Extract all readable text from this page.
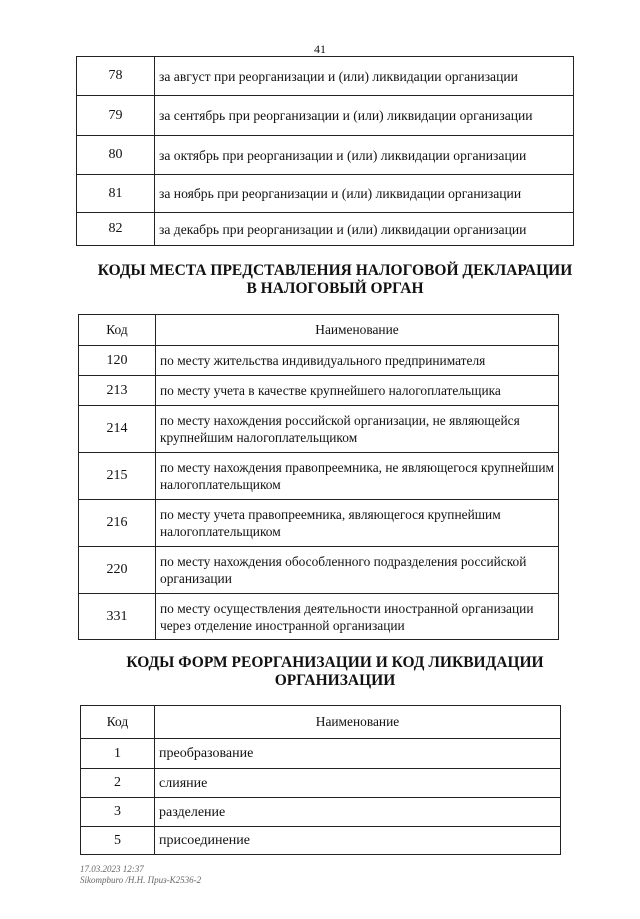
41
78	за август при реорганизации и (или) ликвидации организации
79	за сентябрь при реорганизации и (или) ликвидации организации
80	за октябрь при реорганизации и (или) ликвидации организации
81	за ноябрь при реорганизации и (или) ликвидации организации
82	за декабрь при реорганизации и (или) ликвидации организации
КОДЫ МЕСТА ПРЕДСТАВЛЕНИЯ НАЛОГОВОЙ ДЕКЛАРАЦИИ
В НАЛОГОВЫЙ ОРГАН
Код	Наименование
120	по месту жительства индивидуального предпринимателя
213	по месту учета в качестве крупнейшего налогоплательщика
214	по месту нахождения российской организации, не являющейся крупнейшим налогоплательщиком
215	по месту нахождения правопреемника, не являющегося крупнейшим налогоплательщиком
216	по месту учета правопреемника, являющегося крупнейшим налогоплательщиком
220	по месту нахождения обособленного подразделения российской организации
331	по месту осуществления деятельности иностранной организации через отделение иностранной организации
КОДЫ ФОРМ РЕОРГАНИЗАЦИИ И КОД ЛИКВИДАЦИИ
ОРГАНИЗАЦИИ
Код	Наименование
1	преобразование
2	слияние
3	разделение
5	присоединение
17.03.2023 12:37
Sikompburo /Н.Н. Приз-К2536-2
